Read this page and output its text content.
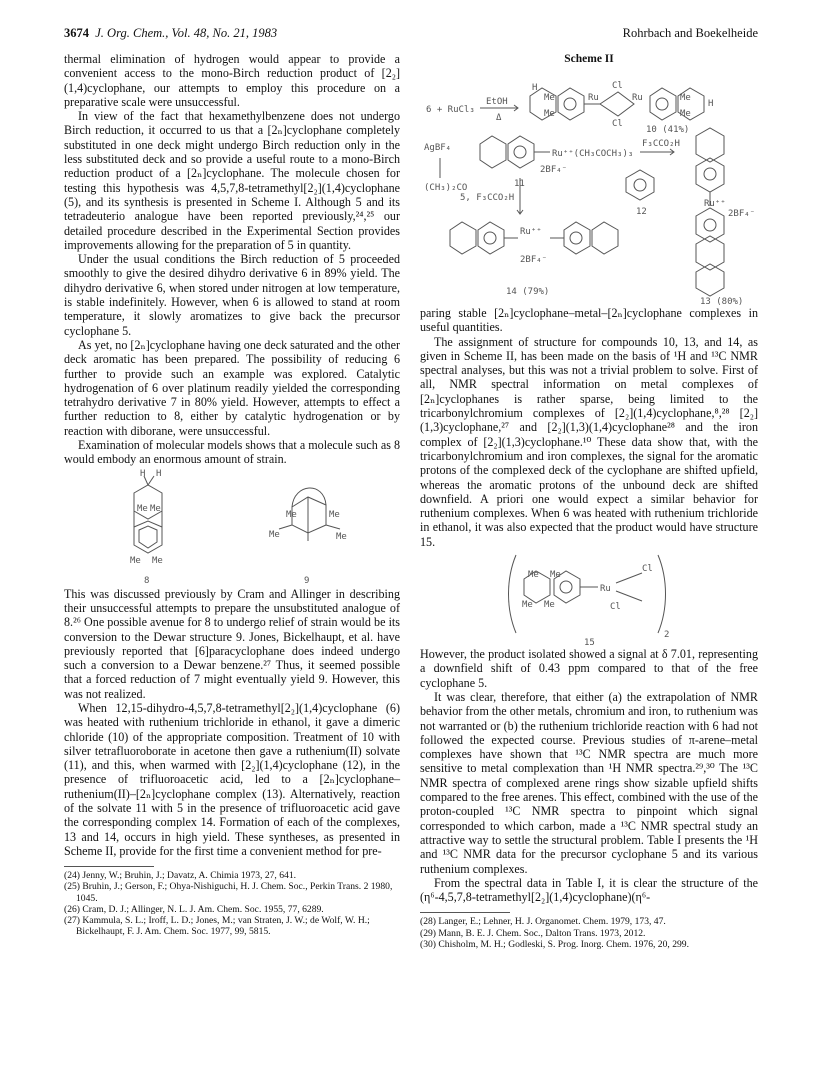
3674 J. Org. Chem., Vol. 48, No. 21, 1983	Rohrbach and Boekelheide

thermal elimination of hydrogen would appear to provide a convenient access to the mono-Birch reduction product of [2₂](1,4)cyclophane, our attempts to employ this procedure on a preparative scale were unsuccessful.

In view of the fact that hexamethylbenzene does not undergo Birch reduction, it occurred to us that a [2ₙ]cyclophane completely substituted in one deck might undergo Birch reduction only in the less substituted deck and so provide a useful route to a mono-Birch reduction product of a [2ₙ]cyclophane. The molecule chosen for testing this hypothesis was 4,5,7,8-tetramethyl[2₂](1,4)cyclophane (5), and its synthesis is presented in Scheme I. Although 5 and its tetradeuterio analogue have been reported previously,²⁴,²⁵ our detailed procedure described in the Experimental Section provides improvements allowing for the preparation of 5 in quantity.

Under the usual conditions the Birch reduction of 5 proceeded smoothly to give the desired dihydro derivative 6 in 89% yield. The dihydro derivative 6, when stored under nitrogen at low temperature, is stable indefinitely. However, when 6 is allowed to stand at room temperature, it slowly aromatizes to give back the precursor cyclophane 5.

As yet, no [2ₙ]cyclophane having one deck saturated and the other deck aromatic has been prepared. The possibility of reducing 6 further to provide such an example was explored. Catalytic hydrogenation of 6 over platinum readily yielded the corresponding tetrahydro derivative 7 in 80% yield. However, attempts to effect a further reduction to 8, either by catalytic hydrogenation or by reaction with diborane, were unsuccessful.

Examination of molecular models shows that a molecule such as 8 would embody an enormous amount of strain.

H H
Me Me
Me Me
Me	Me
Me	Me
8	9

This was discussed previously by Cram and Allinger in describing their unsuccessful attempts to prepare the unsubstituted analogue of 8.²⁶ One possible avenue for 8 to undergo relief of strain would be its conversion to the Dewar structure 9. Jones, Bickelhaupt, et al. have previously reported that [6]paracyclophane does indeed undergo such a conversion to a Dewar benzene.²⁷ Thus, it seemed possible that a forced reduction of 7 might eventually yield 9. However, this was not realized.

When 12,15-dihydro-4,5,7,8-tetramethyl[2₂](1,4)cyclophane (6) was heated with ruthenium trichloride in ethanol, it gave a dimeric chloride (10) of the appropriate composition. Treatment of 10 with silver tetrafluoroborate in acetone then gave a ruthenium(II) solvate (11), and this, when warmed with [2₂](1,4)cyclophane (12), in the presence of trifluoroacetic acid, led to a [2ₙ]cyclophane–ruthenium(II)–[2ₙ]cyclophane complex (13). Alternatively, reaction of the solvate 11 with 5 in the presence of trifluoroacetic acid gave the corresponding complex 14. Formation of each of the complexes, 13 and 14, occurs in high yield. These syntheses, as presented in Scheme II, provide for the first time a convenient method for pre-

(24) Jenny, W.; Bruhin, J.; Davatz, A. Chimia 1973, 27, 641.
(25) Bruhin, J.; Gerson, F.; Ohya-Nishiguchi, H. J. Chem. Soc., Perkin Trans. 2 1980, 1045.
(26) Cram, D. J.; Allinger, N. L. J. Am. Chem. Soc. 1955, 77, 6289.
(27) Kammula, S. L.; Iroff, L. D.; Jones, M.; van Straten, J. W.; de Wolf, W. H.; Bickelhaupt, F. J. Am. Chem. Soc. 1977, 99, 5815.
Scheme II
6 + RuCl₃
EtOH
Δ
H
Me
Me
Ru
Cl
Cl
Ru	Me
Me
H
10 (41%)
AgBF₄
(CH₃)₂CO
Ru⁺⁺(CH₃COCH₃)₃
2BF₄⁻
F₃CCO₂H
11
12
Ru⁺⁺
2BF₄⁻
5, F₃CCO₂H
Ru⁺⁺
2BF₄⁻
14 (79%)
13 (80%)

paring stable [2ₙ]cyclophane–metal–[2ₙ]cyclophane complexes in useful quantities.

The assignment of structure for compounds 10, 13, and 14, as given in Scheme II, has been made on the basis of ¹H and ¹³C NMR spectral analyses, but this was not a trivial problem to solve. First of all, NMR spectral information on metal complexes of [2ₙ]cyclophanes is rather sparse, being limited to the tricarbonylchromium complexes of [2₂](1,4)cyclophane,⁸,²⁸ [2₂](1,3)cyclophane,²⁷ and [2₂](1,3)(1,4)cyclophane²⁸ and the iron complex of [2₂](1,3)cyclophane.¹⁰ These data show that, with the tricarbonylchromium and iron complexes, the signal for the aromatic protons of the complexed deck of the cyclophane are shifted upfield, whereas the aromatic protons of the unbound deck are shifted downfield. A priori one would expect a similar behavior for ruthenium complexes. When 6 was heated with ruthenium trichloride in ethanol, it was also expected that the product would have structure 15.

Me Me
Me Me
Ru
Cl
Cl
2
15

However, the product isolated showed a signal at δ 7.01, representing a downfield shift of 0.43 ppm compared to that of the free cyclophane 5.

It was clear, therefore, that either (a) the extrapolation of NMR behavior from the other metals, chromium and iron, to ruthenium was not warranted or (b) the ruthenium trichloride reaction with 6 had not followed the expected course. Previous studies of π-arene–metal complexes have shown that ¹³C NMR spectra are much more sensitive to metal complexation than ¹H NMR spectra.²⁹,³⁰ The ¹³C NMR spectra of complexed arene rings show sizable upfield shifts compared to the free arenes. This effect, combined with the use of the proton-coupled ¹³C NMR spectra to pinpoint which signal corresponded to which carbon, made a ¹³C NMR spectral study an attractive way to settle the structural problem. Table I presents the ¹H and ¹³C NMR data for the precursor cyclophane 5 and its various ruthenium complexes.

From the spectral data in Table I, it is clear the structure of the (η⁶-4,5,7,8-tetramethyl[2₂](1,4)cyclophane)(η⁶-

(28) Langer, E.; Lehner, H. J. Organomet. Chem. 1979, 173, 47.
(29) Mann, B. E. J. Chem. Soc., Dalton Trans. 1973, 2012.
(30) Chisholm, M. H.; Godleski, S. Prog. Inorg. Chem. 1976, 20, 299.
